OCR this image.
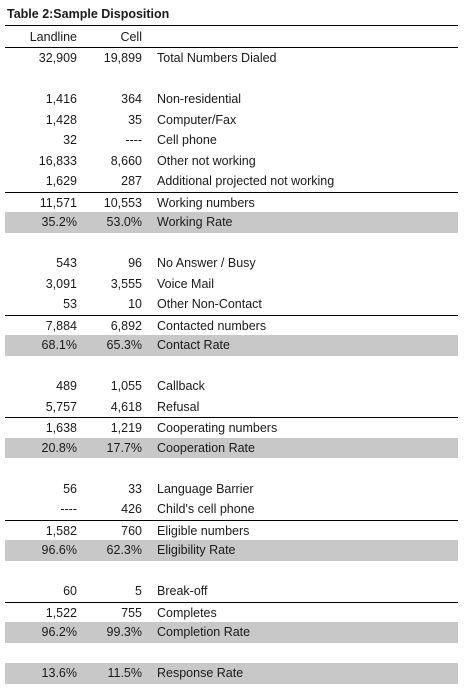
Table 2:Sample Disposition
Landline	Cell
32,909	19,899	Total Numbers Dialed
1,416	364	Non-residential
1,428	35	Computer/Fax
32	----	Cell phone
16,833	8,660	Other not working
1,629	287	Additional projected not working
11,571	10,553	Working numbers
35.2%	53.0%	Working Rate
543	96	No Answer / Busy
3,091	3,555	Voice Mail
53	10	Other Non-Contact
7,884	6,892	Contacted numbers
68.1%	65.3%	Contact Rate
489	1,055	Callback
5,757	4,618	Refusal
1,638	1,219	Cooperating numbers
20.8%	17.7%	Cooperation Rate
56	33	Language Barrier
----	426	Child's cell phone
1,582	760	Eligible numbers
96.6%	62.3%	Eligibility Rate
60	5	Break-off
1,522	755	Completes
96.2%	99.3%	Completion Rate
13.6%	11.5%	Response Rate
